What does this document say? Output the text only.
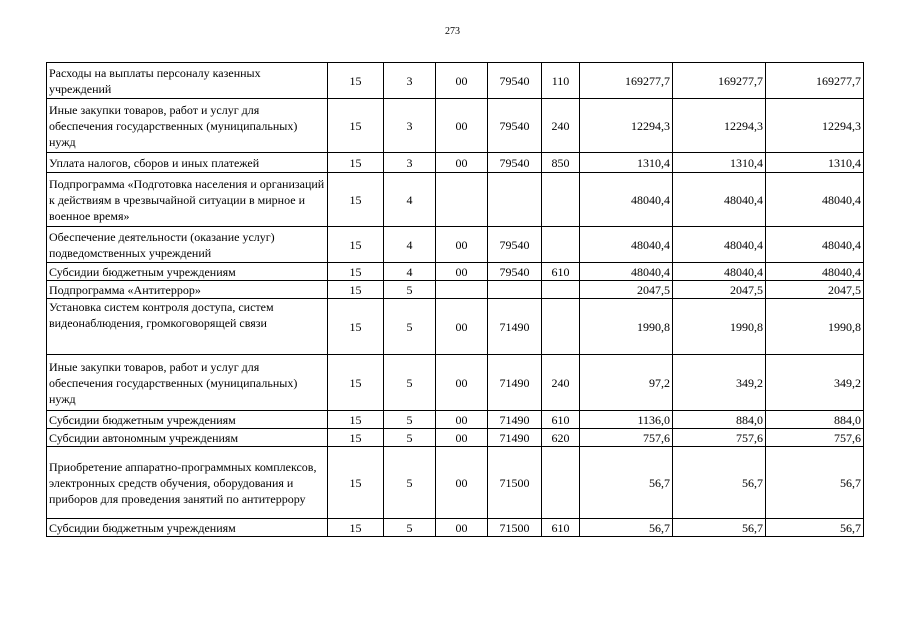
273
Расходы на выплаты персоналу казенных учреждений	15	3	00	79540	110	169277,7	169277,7	169277,7
Иные закупки товаров, работ и услуг для обеспечения государственных (муниципальных) нужд	15	3	00	79540	240	12294,3	12294,3	12294,3
Уплата налогов, сборов и иных платежей	15	3	00	79540	850	1310,4	1310,4	1310,4
Подпрограмма «Подготовка населения и организаций к действиям в чрезвычайной ситуации в мирное и военное время»	15	4				48040,4	48040,4	48040,4
Обеспечение деятельности (оказание услуг) подведомственных учреждений	15	4	00	79540		48040,4	48040,4	48040,4
Субсидии бюджетным учреждениям	15	4	00	79540	610	48040,4	48040,4	48040,4
Подпрограмма «Антитеррор»	15	5				2047,5	2047,5	2047,5
Установка систем контроля доступа, систем видеонаблюдения, громкоговорящей связи	15	5	00	71490		1990,8	1990,8	1990,8
Иные закупки товаров, работ и услуг для обеспечения государственных (муниципальных) нужд	15	5	00	71490	240	97,2	349,2	349,2
Субсидии бюджетным учреждениям	15	5	00	71490	610	1136,0	884,0	884,0
Субсидии автономным учреждениям	15	5	00	71490	620	757,6	757,6	757,6
Приобретение аппаратно-программных комплексов, электронных средств обучения, оборудования и приборов для проведения занятий по антитеррору	15	5	00	71500		56,7	56,7	56,7
Субсидии бюджетным учреждениям	15	5	00	71500	610	56,7	56,7	56,7
